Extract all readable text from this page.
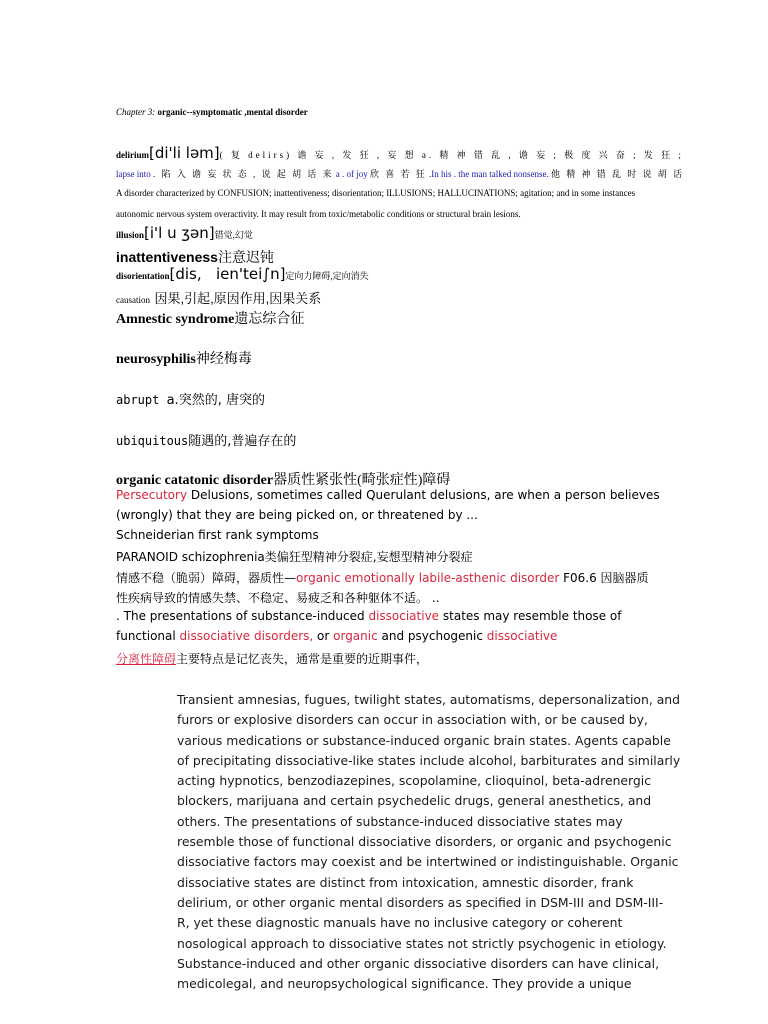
Chapter 3: organic--symptomatic ,mental disorder
delirium[di'li ləm]( 复 delirs) 谵 妄 , 发 狂 , 妄 想 a. 精 神 错 乱 , 谵 妄 ; 极 度 兴 奋 ; 发 狂 ;
lapse into . 陷 入 谵 妄 状 态 , 说 起 胡 话 来 a . of joy 欣 喜 若 狂 .In his . the man talked nonsense. 他 精 神 错 乱 时 说 胡 话
A disorder characterized by CONFUSION; inattentiveness; disorientation; ILLUSIONS; HALLUCINATIONS; agitation; and in some instances
autonomic nervous system overactivity. It may result from toxic/metabolic conditions or structural brain lesions.
illusion[i'l u ʒən]错觉,幻觉
inattentiveness注意迟钝
disorientation[dis,   ien'tei∫n]定向力障碍,定向消失
causation 因果,引起,原因作用,因果关系
Amnestic syndrome遗忘综合征
neurosyphilis神经梅毒
abrupt a.突然的, 唐突的
ubiquitous随遇的,普遍存在的
organic catatonic disorder器质性紧张性(畸张症性)障碍
Persecutory Delusions, sometimes called Querulant delusions, are when a person believes
(wrongly) that they are being picked on, or threatened by ...
Schneiderian first rank symptoms
PARANOID schizophrenia类偏狂型精神分裂症,妄想型精神分裂症
情感不稳（脆弱）障碍，器质性—organic emotionally labile-asthenic disorder F06.6 因脑器质
性疾病导致的情感失禁、不稳定、易疲乏和各种躯体不适。 ..
. The presentations of substance-induced dissociative states may resemble those of
functional dissociative disorders, or organic and psychogenic dissociative
分离性障碍主要特点是记忆丧失，通常是重要的近期事件，
Transient amnesias, fugues, twilight states, automatisms, depersonalization, and
furors or explosive disorders can occur in association with, or be caused by,
various medications or substance-induced organic brain states. Agents capable
of precipitating dissociative-like states include alcohol, barbiturates and similarly
acting hypnotics, benzodiazepines, scopolamine, clioquinol, beta-adrenergic
blockers, marijuana and certain psychedelic drugs, general anesthetics, and
others. The presentations of substance-induced dissociative states may
resemble those of functional dissociative disorders, or organic and psychogenic
dissociative factors may coexist and be intertwined or indistinguishable. Organic
dissociative states are distinct from intoxication, amnestic disorder, frank
delirium, or other organic mental disorders as specified in DSM-III and DSM-III-
R, yet these diagnostic manuals have no inclusive category or coherent
nosological approach to dissociative states not strictly psychogenic in etiology.
Substance-induced and other organic dissociative disorders can have clinical,
medicolegal, and neuropsychological significance. They provide a unique
